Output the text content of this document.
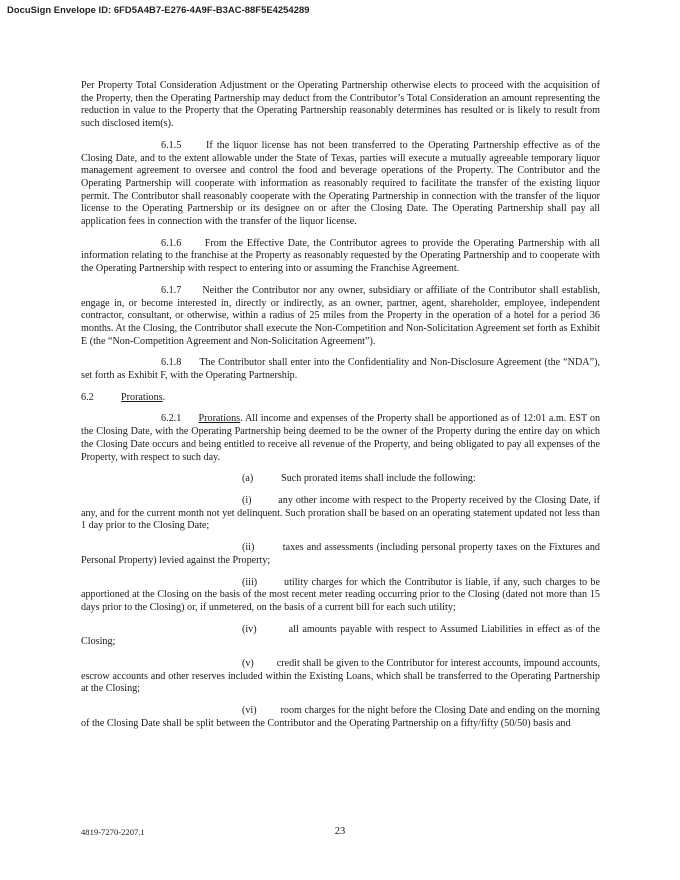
DocuSign Envelope ID: 6FD5A4B7-E276-4A9F-B3AC-88F5E4254289

Per Property Total Consideration Adjustment or the Operating Partnership otherwise elects to proceed with the acquisition of the Property, then the Operating Partnership may deduct from the Contributor’s Total Consideration an amount representing the reduction in value to the Property that the Operating Partnership reasonably determines has resulted or is likely to result from such disclosed item(s).

6.1.5      If the liquor license has not been transferred to the Operating Partnership effective as of the Closing Date, and to the extent allowable under the State of Texas, parties will execute a mutually agreeable temporary liquor management agreement to oversee and control the food and beverage operations of the Property. The Contributor and the Operating Partnership will cooperate with information as reasonably required to facilitate the transfer of the existing liquor permit. The Contributor shall reasonably cooperate with the Operating Partnership in connection with the transfer of the liquor license to the Operating Partnership or its designee on or after the Closing Date. The Operating Partnership shall pay all application fees in connection with the transfer of the liquor license.

6.1.6      From the Effective Date, the Contributor agrees to provide the Operating Partnership with all information relating to the franchise at the Property as reasonably requested by the Operating Partnership and to cooperate with the Operating Partnership with respect to entering into or assuming the Franchise Agreement.

6.1.7      Neither the Contributor nor any owner, subsidiary or affiliate of the Contributor shall establish, engage in, or become interested in, directly or indirectly, as an owner, partner, agent, shareholder, employee, independent contractor, consultant, or otherwise, within a radius of 25 miles from the Property in the operation of a hotel for a period 36 months. At the Closing, the Contributor shall execute the Non-Competition and Non-Solicitation Agreement set forth as Exhibit E (the “Non-Competition Agreement and Non-Solicitation Agreement”).

6.1.8      The Contributor shall enter into the Confidentiality and Non-Disclosure Agreement (the “NDA”), set forth as Exhibit F, with the Operating Partnership.

6.2	Prorations.

6.2.1      Prorations. All income and expenses of the Property shall be apportioned as of 12:01 a.m. EST on the Closing Date, with the Operating Partnership being deemed to be the owner of the Property during the entire day on which the Closing Date occurs and being entitled to receive all revenue of the Property, and being obligated to pay all expenses of the Property, with respect to such day.

(a)           Such prorated items shall include the following:

(i)         any other income with respect to the Property received by the Closing Date, if any, and for the current month not yet delinquent. Such proration shall be based on an operating statement updated not less than 1 day prior to the Closing Date;

(ii)         taxes and assessments (including personal property taxes on the Fixtures and Personal Property) levied against the Property;

(iii)        utility charges for which the Contributor is liable, if any, such charges to be apportioned at the Closing on the basis of the most recent meter reading occurring prior to the Closing (dated not more than 15 days prior to the Closing) or, if unmetered, on the basis of a current bill for each such utility;

(iv)         all amounts payable with respect to Assumed Liabilities in effect as of the Closing;

(v)         credit shall be given to the Contributor for interest accounts, impound accounts, escrow accounts and other reserves included within the Existing Loans, which shall be transferred to the Operating Partnership at the Closing;

(vi)         room charges for the night before the Closing Date and ending on the morning of the Closing Date shall be split between the Contributor and the Operating Partnership on a fifty/fifty (50/50) basis and

4819-7270-2207.1	23
